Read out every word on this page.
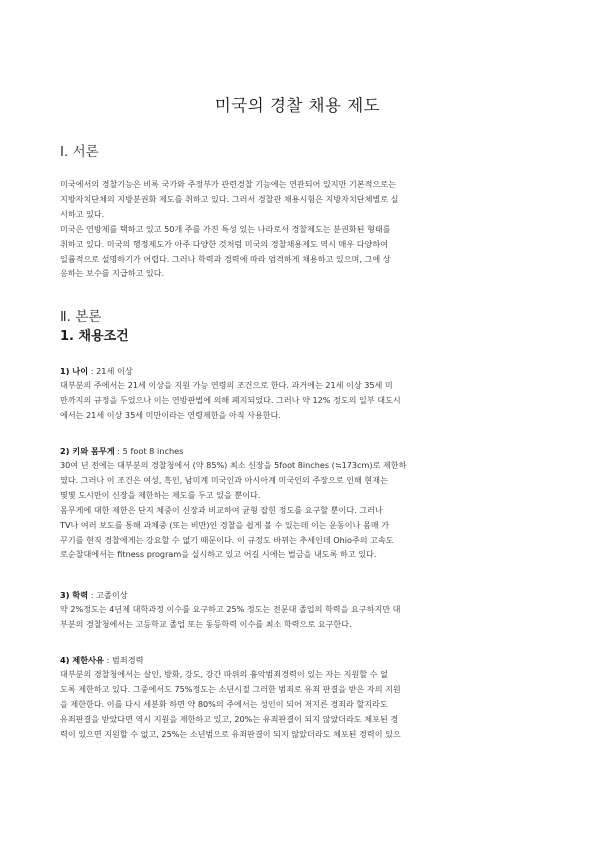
미국의 경찰 채용 제도
Ⅰ. 서론

미국에서의 경찰기능은 비록 국가와 주정부가 관련경찰 기능에는 연관되어 있지만 기본적으로는

지방자치단체의 지방분권화 제도를 취하고 있다. 그러서 경찰관 채용시험은 지방자치단체별로 실

시하고 있다.

미국은 연방제를 택하고 있고 50개 주를 가진 특성 있는 나라로서 경찰제도는 분권화된 형태를

취하고 있다. 미국의 행정제도가 아주 다양한 것처럼 미국의 경찰채용제도 역시 매우 다양하여

일률적으로 설명하기가 어렵다. 그러나 학력과 경력에 따라 엄격하게 채용하고 있으며, 그에 상

응하는 보수를 지급하고 있다.

Ⅱ. 본론
1. 채용조건
1) 나이 : 21세 이상

대부분의 주에서는 21세 이상을 지원 가능 연령의 조건으로 한다. 과거에는 21세 이상 35세 미

만까지의 규정을 두었으나 이는 연방판법에 의해 폐지되었다. 그러나 약 12% 정도의 일부 대도시

에서는 21세 이상 35세 미만이라는 연령제한을 아직 사용한다.

2) 키와 몸무게 : 5 foot 8 inches

30여 년 전에는 대부분의 경찰청에서 (약 85%) 최소 신장을 5foot 8inches (≒173cm)로 제한하

였다. 그러나 이 조건은 여성, 흑인, 남미계 미국인과 아시아계 미국인의 주장으로 인해 현재는

몇몇 도시만이 신장을 제한하는 제도를 두고 있을 뿐이다.

몸무게에 대한 제한은 단지 체중이 신장과 비교하여 균형 잡힌 정도를 요구할 뿐이다. 그러나

TV나 여러 보도를 통해 과체중 (또는 비만)인 경찰을 쉽게 볼 수 있는데 이는 운동이나 몸매 가

꾸기를 현직 경찰에게는 강요할 수 없기 때문이다. 이 규정도 바뀌는 추세인데 Ohio주의 고속도

로순찰대에서는 fitness program을 실시하고 있고 어길 시에는 벌금을 내도록 하고 있다.

3) 학력 : 고졸이상

약 2%정도는 4년제 대학과정 이수를 요구하고 25% 정도는 전문대 졸업의 학력을 요구하지만 대

부분의 경찰청에서는 고등학교 졸업 또는 동등학력 이수를 최소 학력으로 요구한다.

4) 제한사유 : 범죄경력

대부분의 경찰청에서는 살인, 방화, 강도, 강간 따위의 흉악범죄경력이 있는 자는 지원할 수 없

도록 제한하고 있다. 그중에서도 75%정도는 소년시절 그러한 범죄로 유죄 판결을 받은 자의 지원

을 제한한다. 이를 다시 세분화 하면 약 80%의 주에서는 성인이 되어 저지른 경죄라 할지라도

유죄판결을 받았다면 역시 지원을 제한하고 있고, 20%는 유죄판결이 되지 않았더라도 체포된 경

력이 있으면 지원할 수 없고, 25%는 소년범으로 유죄판결이 되지 않았더라도 체포된 경력이 있으
